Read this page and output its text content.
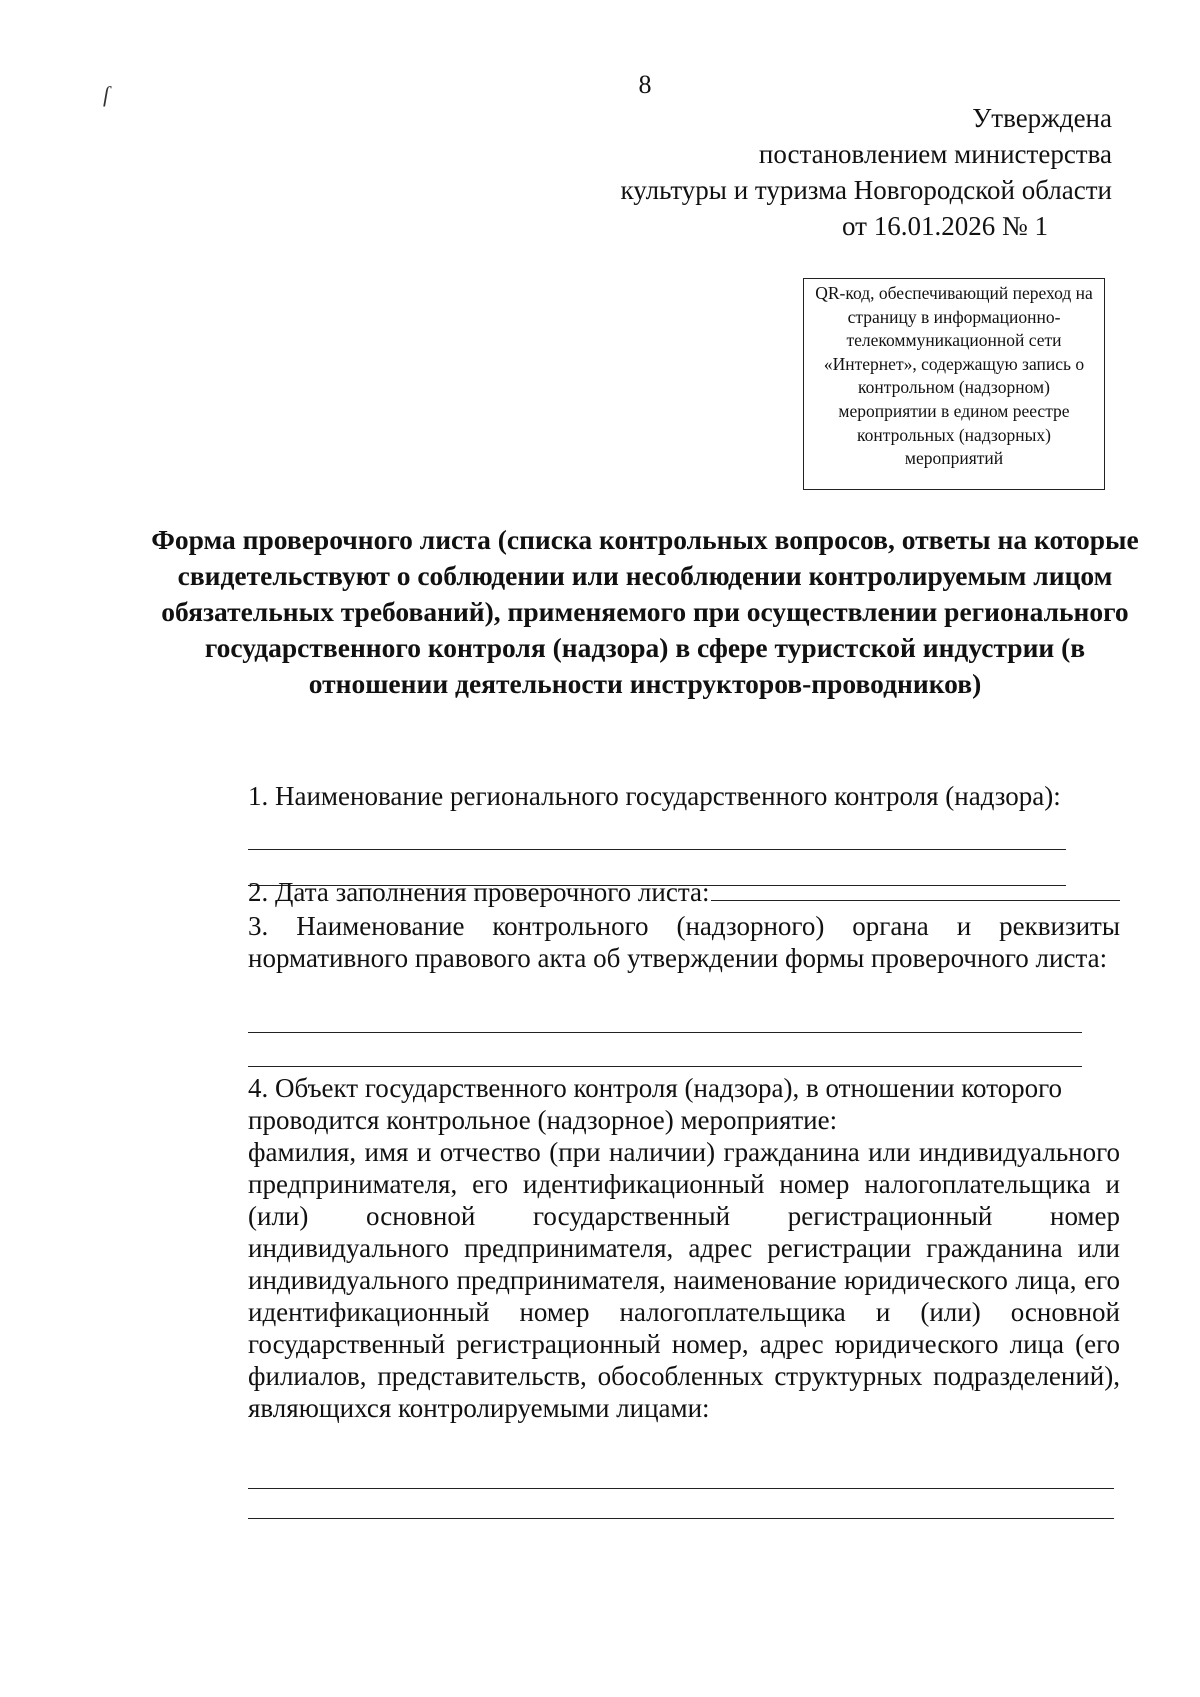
8
ſ
Утверждена
постановлением министерства
культуры и туризма Новгородской области
от 16.01.2026 № 1
QR-код, обеспечивающий переход на страницу в информационно-телекоммуникационной сети «Интернет», содержащую запись о контрольном (надзорном) мероприятии в едином реестре контрольных (надзорных) мероприятий
Форма проверочного листа (списка контрольных вопросов, ответы на которые свидетельствуют о соблюдении или несоблюдении контролируемым лицом обязательных требований), применяемого при осуществлении регионального государственного контроля (надзора) в сфере туристской индустрии (в отношении деятельности инструкторов-проводников)
1. Наименование регионального государственного контроля (надзора):
2. Дата заполнения проверочного листа:
3. Наименование контрольного (надзорного) органа и реквизиты нормативного правового акта об утверждении формы проверочного листа:
4. Объект государственного контроля (надзора), в отношении которого проводится контрольное (надзорное) мероприятие:
фамилия, имя и отчество (при наличии) гражданина или индивидуального предпринимателя, его идентификационный номер налогоплательщика и (или) основной государственный регистрационный номер индивидуального предпринимателя, адрес регистрации гражданина или индивидуального предпринимателя, наименование юридического лица, его идентификационный номер налогоплательщика и (или) основной государственный регистрационный номер, адрес юридического лица (его филиалов, представительств, обособленных структурных подразделений), являющихся контролируемыми лицами:
